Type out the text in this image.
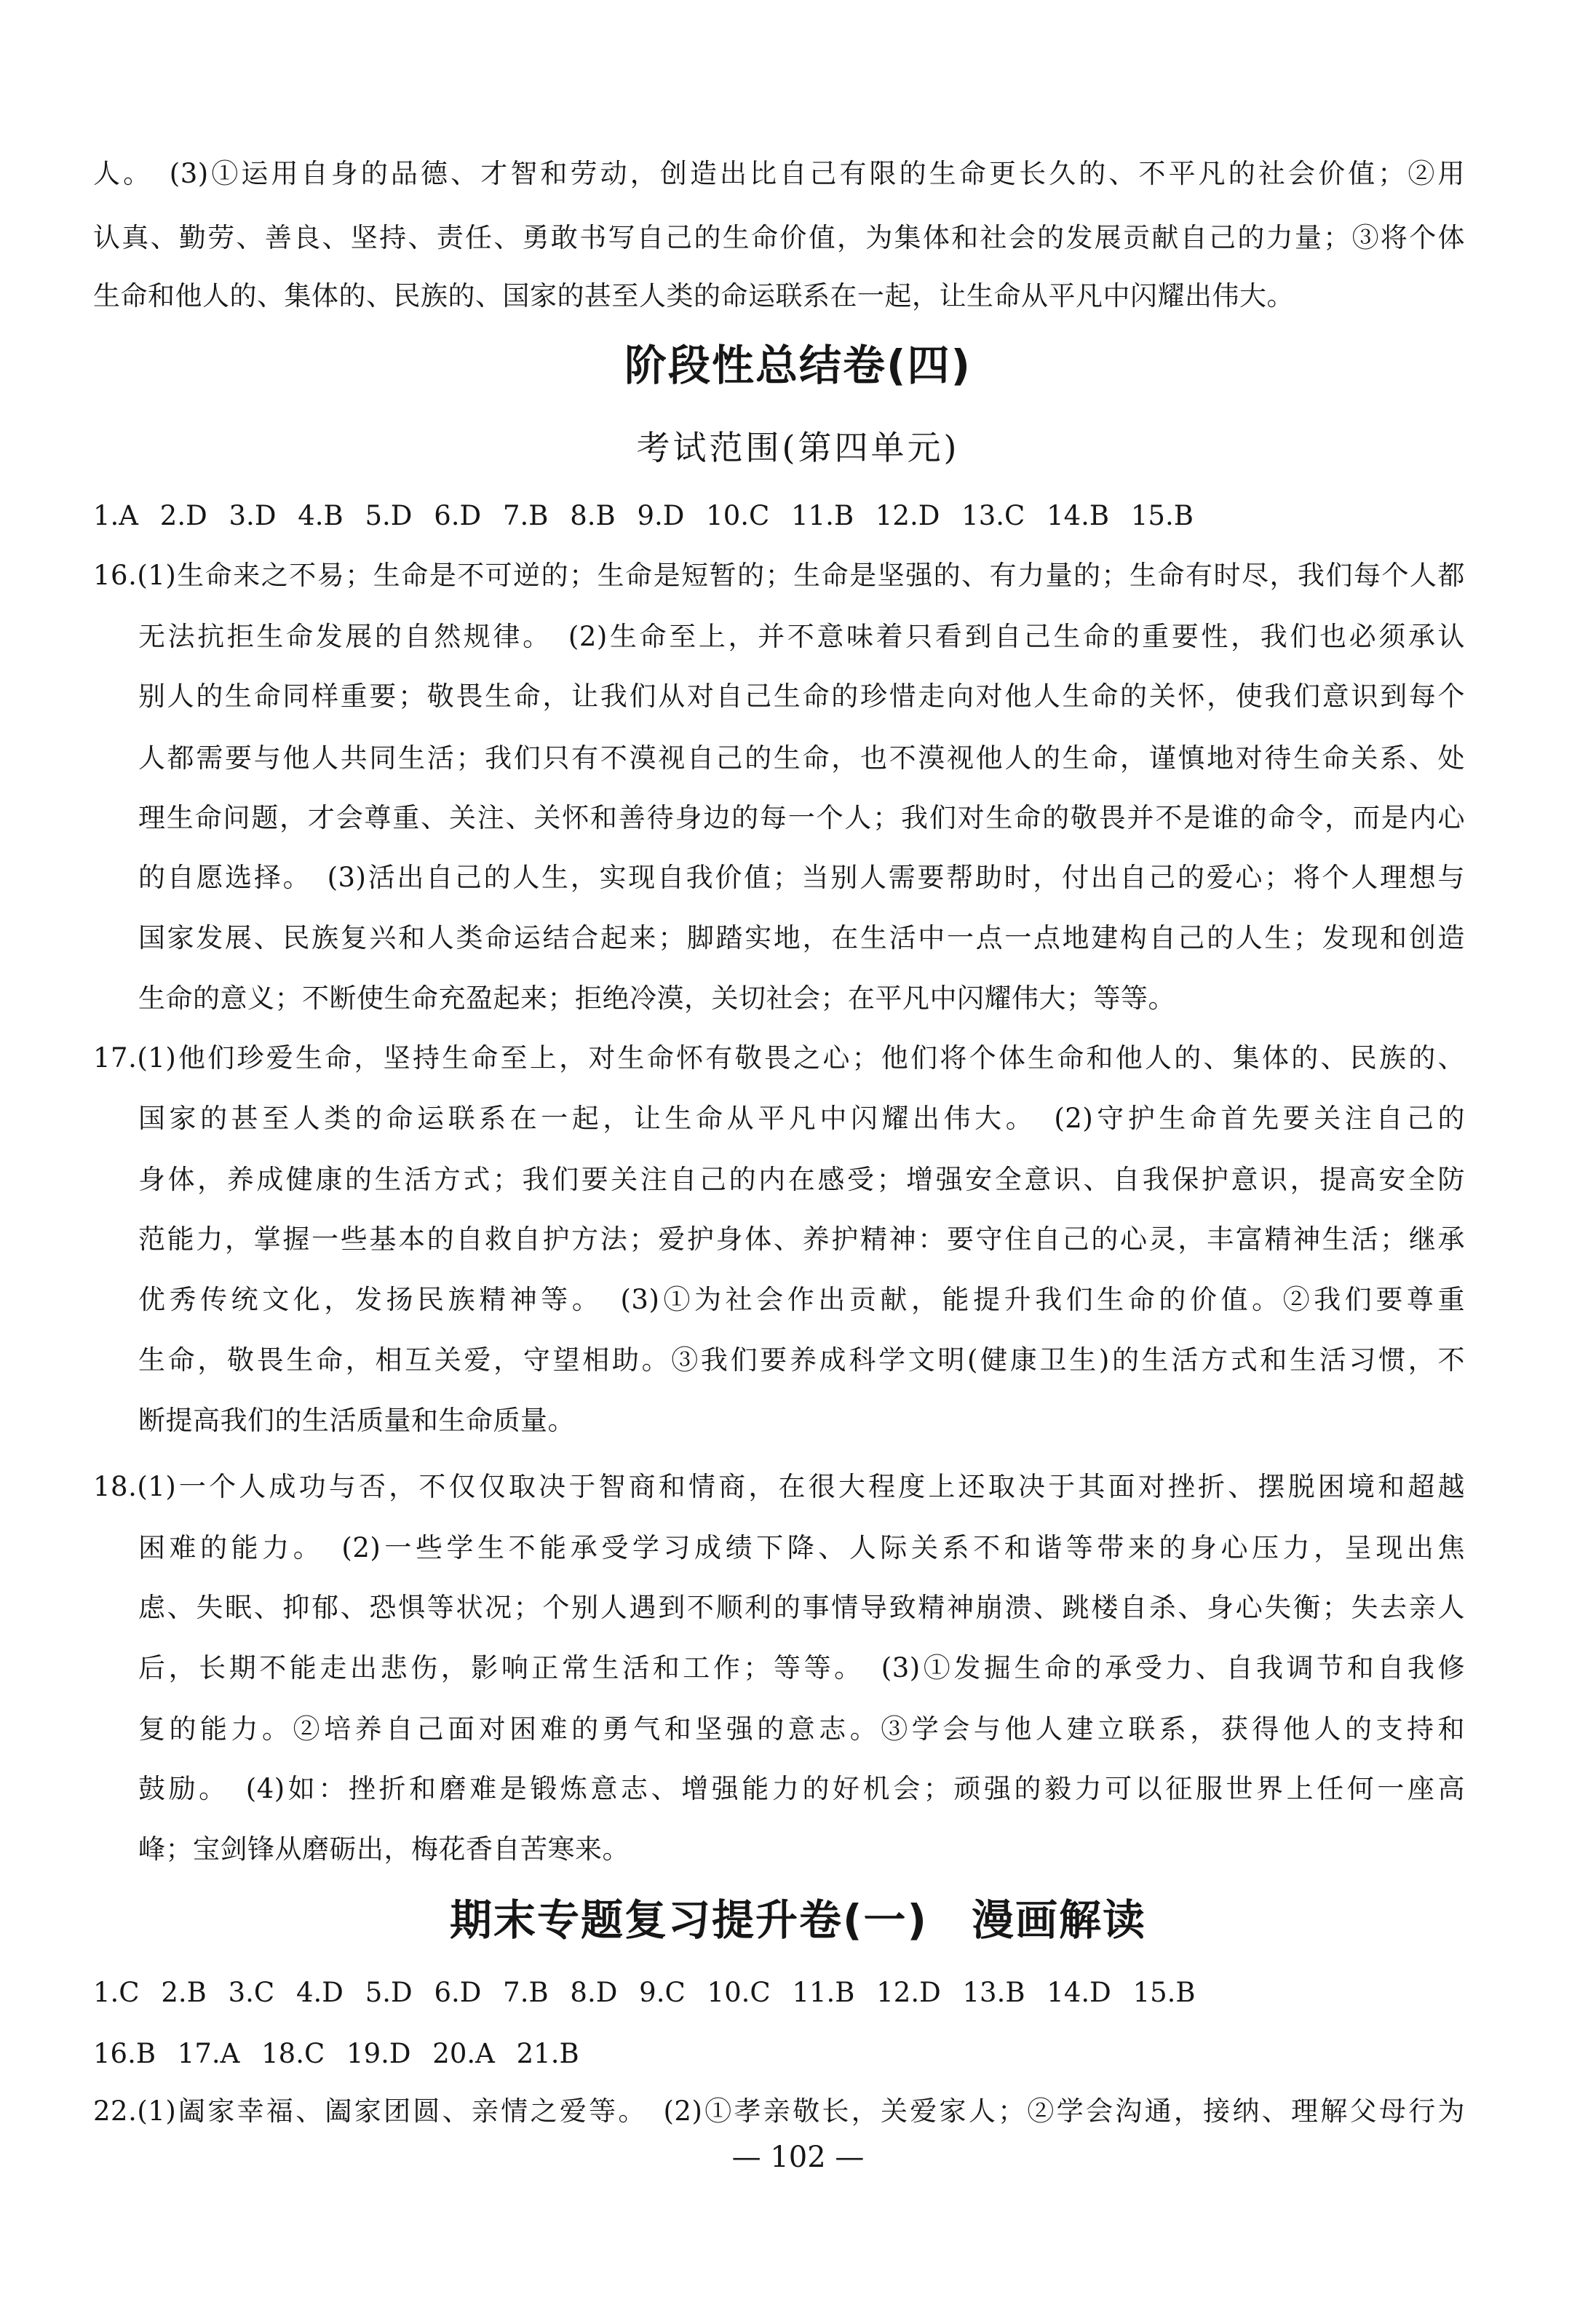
人。　(3)①运用自身的品德、才智和劳动，创造出比自己有限的生命更长久的、不平凡的社会价值；②用
认真、勤劳、善良、坚持、责任、勇敢书写自己的生命价值，为集体和社会的发展贡献自己的力量；③将个体
生命和他人的、集体的、民族的、国家的甚至人类的命运联系在一起，让生命从平凡中闪耀出伟大。
阶段性总结卷(四)
考试范围(第四单元)
1.A 2.D 3.D 4.B 5.D 6.D 7.B 8.B 9.D 10.C 11.B 12.D 13.C 14.B 15.B
16.(1)生命来之不易；生命是不可逆的；生命是短暂的；生命是坚强的、有力量的；生命有时尽，我们每个人都
无法抗拒生命发展的自然规律。　(2)生命至上，并不意味着只看到自己生命的重要性，我们也必须承认
别人的生命同样重要；敬畏生命，让我们从对自己生命的珍惜走向对他人生命的关怀，使我们意识到每个
人都需要与他人共同生活；我们只有不漠视自己的生命，也不漠视他人的生命，谨慎地对待生命关系、处
理生命问题，才会尊重、关注、关怀和善待身边的每一个人；我们对生命的敬畏并不是谁的命令，而是内心
的自愿选择。　(3)活出自己的人生，实现自我价值；当别人需要帮助时，付出自己的爱心；将个人理想与
国家发展、民族复兴和人类命运结合起来；脚踏实地，在生活中一点一点地建构自己的人生；发现和创造
生命的意义；不断使生命充盈起来；拒绝冷漠，关切社会；在平凡中闪耀伟大；等等。
17.(1)他们珍爱生命，坚持生命至上，对生命怀有敬畏之心；他们将个体生命和他人的、集体的、民族的、
国家的甚至人类的命运联系在一起，让生命从平凡中闪耀出伟大。　(2)守护生命首先要关注自己的
身体，养成健康的生活方式；我们要关注自己的内在感受；增强安全意识、自我保护意识，提高安全防
范能力，掌握一些基本的自救自护方法；爱护身体、养护精神：要守住自己的心灵，丰富精神生活；继承
优秀传统文化，发扬民族精神等。　(3)①为社会作出贡献，能提升我们生命的价值。②我们要尊重
生命，敬畏生命，相互关爱，守望相助。③我们要养成科学文明(健康卫生)的生活方式和生活习惯，不
断提高我们的生活质量和生命质量。
18.(1)一个人成功与否，不仅仅取决于智商和情商，在很大程度上还取决于其面对挫折、摆脱困境和超越
困难的能力。　(2)一些学生不能承受学习成绩下降、人际关系不和谐等带来的身心压力，呈现出焦
虑、失眠、抑郁、恐惧等状况；个别人遇到不顺利的事情导致精神崩溃、跳楼自杀、身心失衡；失去亲人
后，长期不能走出悲伤，影响正常生活和工作；等等。　(3)①发掘生命的承受力、自我调节和自我修
复的能力。②培养自己面对困难的勇气和坚强的意志。③学会与他人建立联系，获得他人的支持和
鼓励。　(4)如：挫折和磨难是锻炼意志、增强能力的好机会；顽强的毅力可以征服世界上任何一座高
峰；宝剑锋从磨砺出，梅花香自苦寒来。
期末专题复习提升卷(一)　漫画解读
1.C 2.B 3.C 4.D 5.D 6.D 7.B 8.D 9.C 10.C 11.B 12.D 13.B 14.D 15.B
16.B 17.A 18.C 19.D 20.A 21.B
22.(1)阖家幸福、阖家团圆、亲情之爱等。　(2)①孝亲敬长，关爱家人；②学会沟通，接纳、理解父母行为
— 102 —
